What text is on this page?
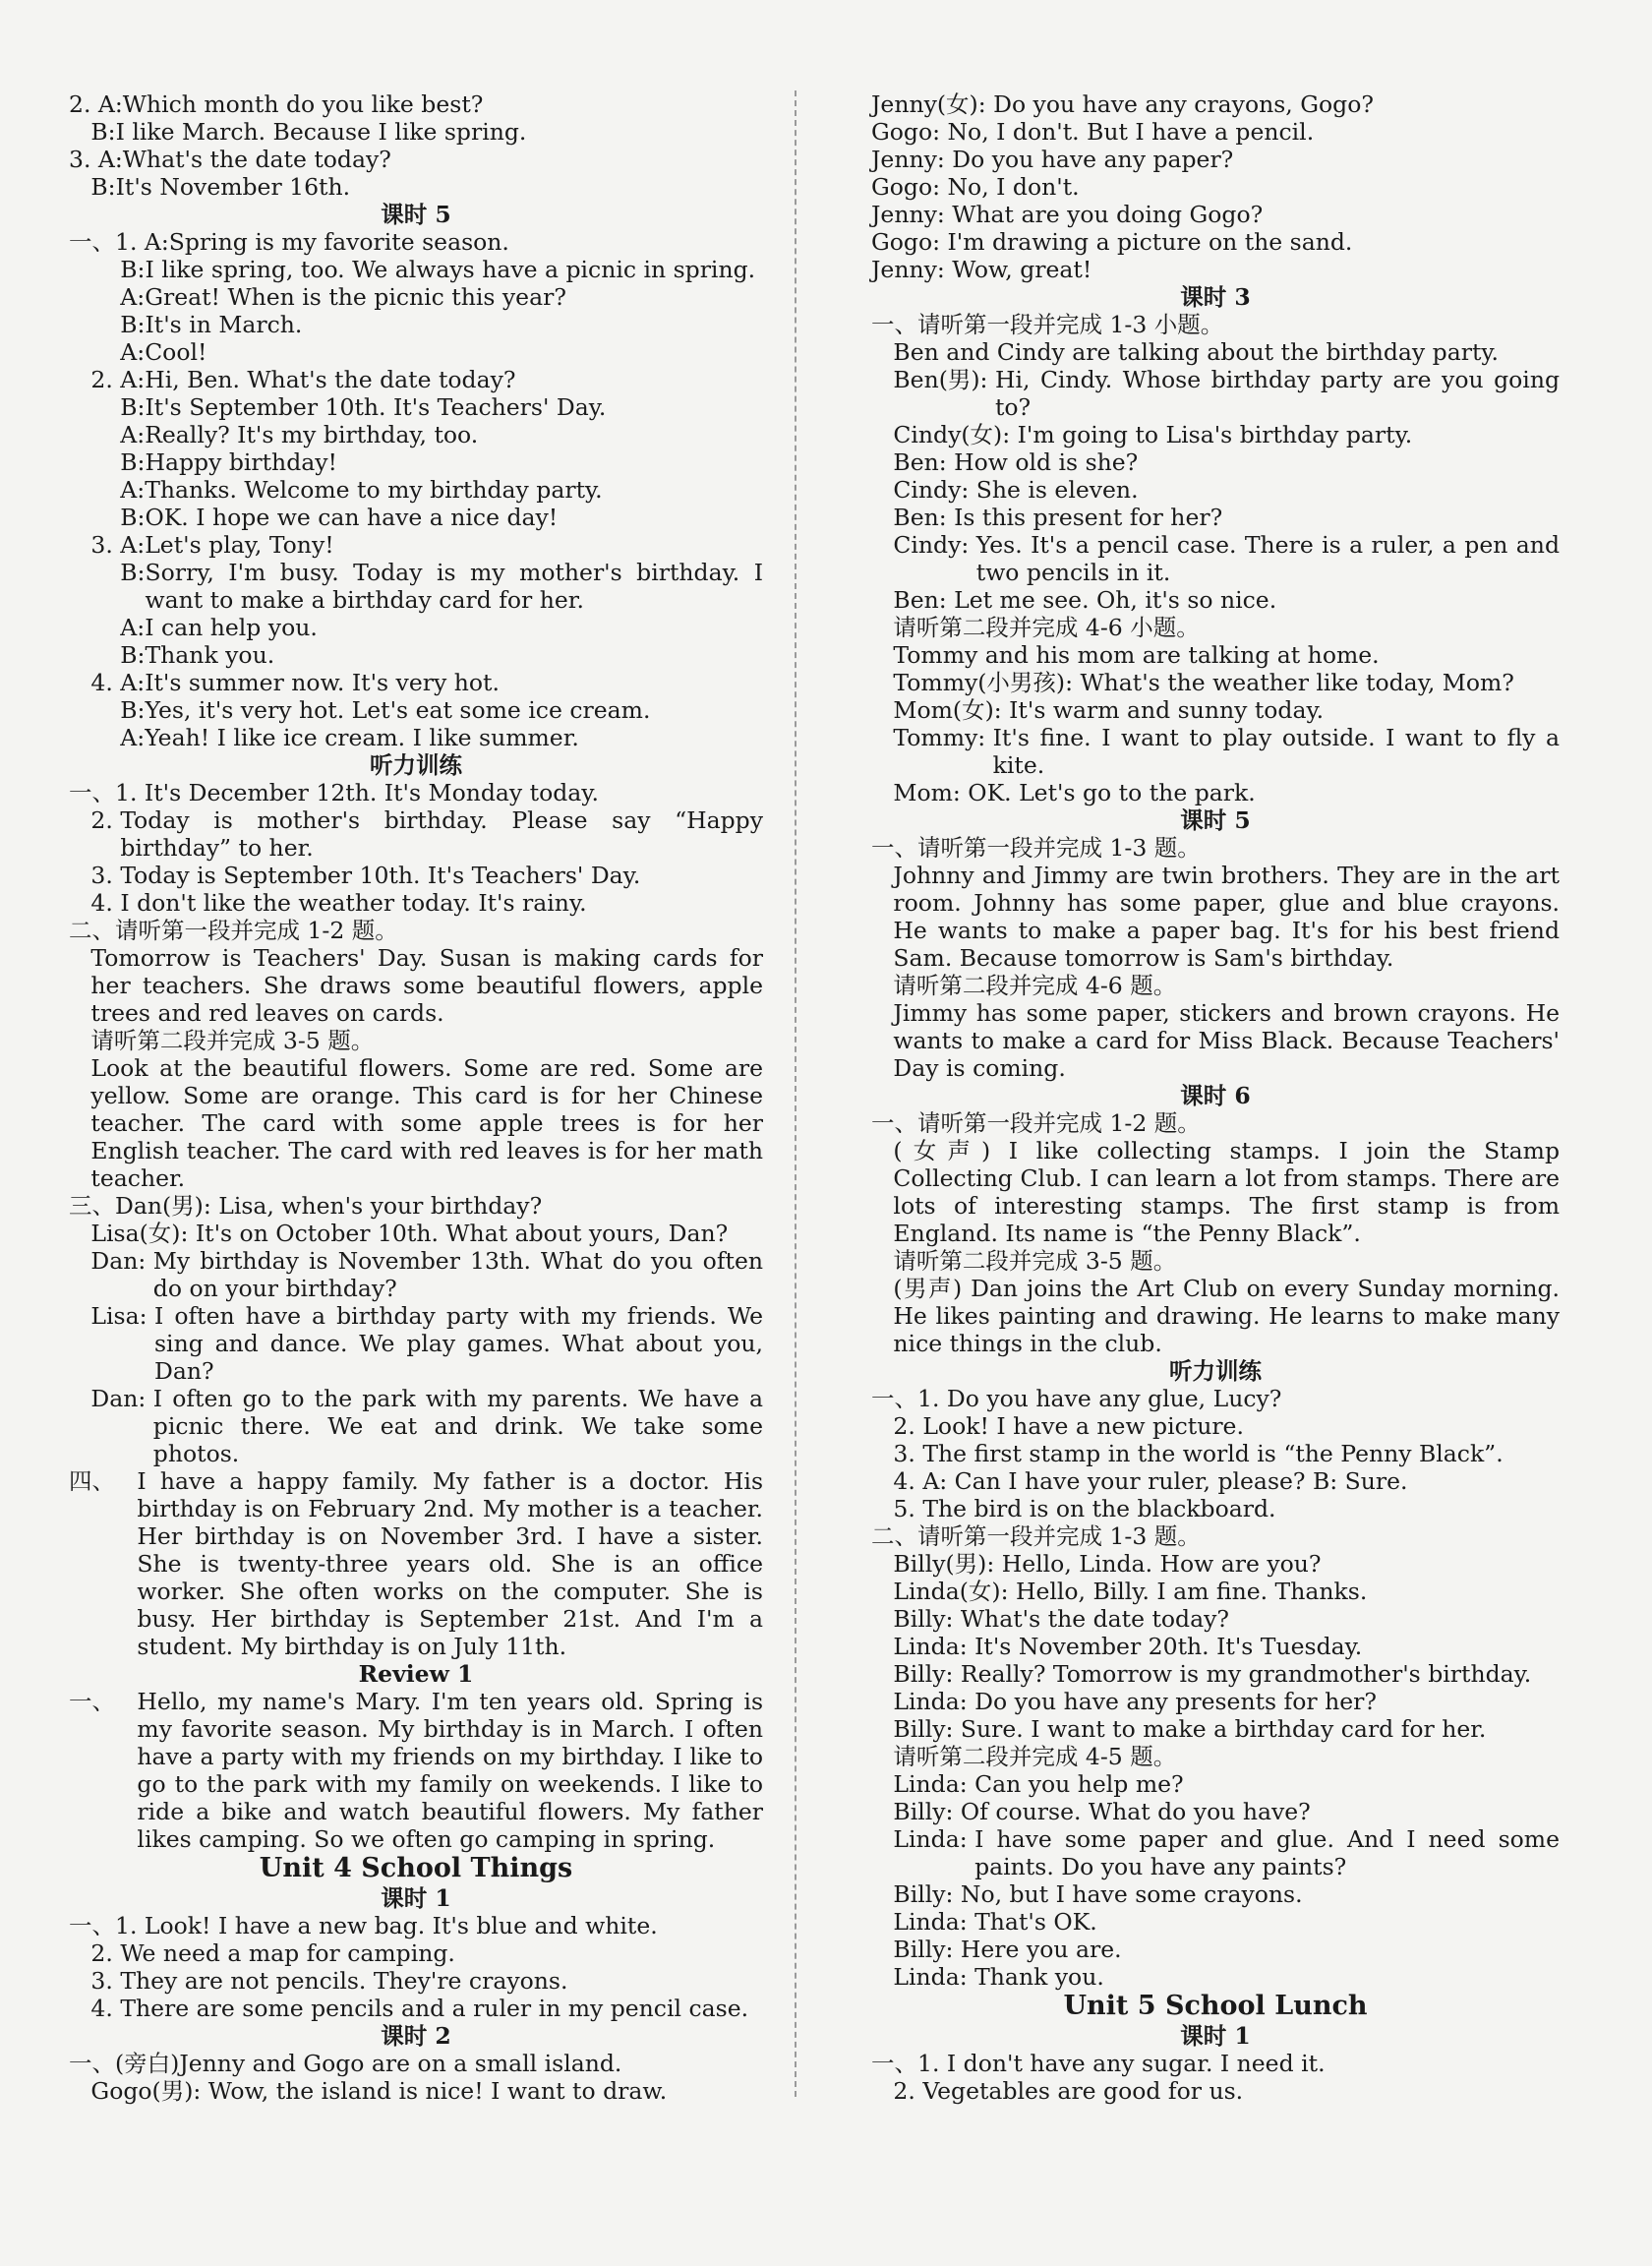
2. A: Which month do you like best?
B: I like March. Because I like spring.
3. A: What's the date today?
B: It's November 16th.
课时 5
一、1. A: Spring is my favorite season.
B: I like spring, too. We always have a picnic in spring.
A: Great! When is the picnic this year?
B: It's in March.
A: Cool!
2. A: Hi, Ben. What's the date today?
B: It's September 10th. It's Teachers' Day.
A: Really? It's my birthday, too.
B: Happy birthday!
A: Thanks. Welcome to my birthday party.
B: OK. I hope we can have a nice day!
3. A: Let's play, Tony!
B: Sorry, I'm busy. Today is my mother's birthday. I want to make a birthday card for her.
A: I can help you.
B: Thank you.
4. A: It's summer now. It's very hot.
B: Yes, it's very hot. Let's eat some ice cream.
A: Yeah! I like ice cream. I like summer.
听力训练
一、1. It's December 12th. It's Monday today.
2. Today is mother's birthday. Please say “Happy birthday” to her.
3. Today is September 10th. It's Teachers' Day.
4. I don't like the weather today. It's rainy.
二、 请听第一段并完成 1-2 题。

Tomorrow is Teachers' Day. Susan is making cards for her teachers. She draws some beautiful flowers, apple trees and red leaves on cards.

请听第二段并完成 3-5 题。

Look at the beautiful flowers. Some are red. Some are yellow. Some are orange. This card is for her Chinese teacher. The card with some apple trees is for her English teacher. The card with red leaves is for her math teacher.
三、 Dan(男): Lisa, when's your birthday?

Lisa(女): It's on October 10th. What about yours, Dan?
Dan: My birthday is November 13th. What do you often do on your birthday?
Lisa: I often have a birthday party with my friends. We sing and dance. We play games. What about you, Dan?
Dan: I often go to the park with my parents. We have a picnic there. We eat and drink. We take some photos.
四、 I have a happy family. My father is a doctor. His birthday is on February 2nd. My mother is a teacher. Her birthday is on November 3rd. I have a sister. She is twenty-three years old. She is an office worker. She often works on the computer. She is busy. Her birthday is September 21st. And I'm a student. My birthday is on July 11th.
Review 1
一、 Hello, my name's Mary. I'm ten years old. Spring is my favorite season. My birthday is in March. I often have a party with my friends on my birthday. I like to go to the park with my family on weekends. I like to ride a bike and watch beautiful flowers. My father likes camping. So we often go camping in spring.
Unit 4 School Things
课时 1
一、1. Look! I have a new bag. It's blue and white.
2. We need a map for camping.
3. They are not pencils. They're crayons.
4. There are some pencils and a ruler in my pencil case.
课时 2
一、 (旁白)Jenny and Gogo are on a small island.

Gogo(男): Wow, the island is nice! I want to draw.
Jenny(女): Do you have any crayons, Gogo?
Gogo: No, I don't. But I have a pencil.
Jenny: Do you have any paper?
Gogo: No, I don't.
Jenny: What are you doing Gogo?
Gogo: I'm drawing a picture on the sand.
Jenny: Wow, great!
课时 3
一、 请听第一段并完成 1-3 小题。

Ben and Cindy are talking about the birthday party.
Ben(男): Hi, Cindy. Whose birthday party are you going to?

Cindy(女): I'm going to Lisa's birthday party.

Ben: How old is she?

Cindy: She is eleven.

Ben: Is this present for her?
Cindy: Yes. It's a pencil case. There is a ruler, a pen and two pencils in it.

Ben: Let me see. Oh, it's so nice.

请听第二段并完成 4-6 小题。

Tommy and his mom are talking at home.

Tommy(小男孩): What's the weather like today, Mom?

Mom(女): It's warm and sunny today.
Tommy: It's fine. I want to play outside. I want to fly a kite.

Mom: OK. Let's go to the park.
课时 5
一、 请听第一段并完成 1-3 题。

Johnny and Jimmy are twin brothers. They are in the art room. Johnny has some paper, glue and blue crayons. He wants to make a paper bag. It's for his best friend Sam. Because tomorrow is Sam's birthday.

请听第二段并完成 4-6 题。

Jimmy has some paper, stickers and brown crayons. He wants to make a card for Miss Black. Because Teachers' Day is coming.
课时 6
一、 请听第一段并完成 1-2 题。

(女声) I like collecting stamps. I join the Stamp Collecting Club. I can learn a lot from stamps. There are lots of interesting stamps. The first stamp is from England. Its name is “the Penny Black”.

请听第二段并完成 3-5 题。

(男声) Dan joins the Art Club on every Sunday morning. He likes painting and drawing. He learns to make many nice things in the club.
听力训练
一、1. Do you have any glue, Lucy?
2. Look! I have a new picture.
3. The first stamp in the world is “the Penny Black”.
4. A: Can I have your ruler, please? B: Sure.
5. The bird is on the blackboard.
二、 请听第一段并完成 1-3 题。

Billy(男): Hello, Linda. How are you?

Linda(女): Hello, Billy. I am fine. Thanks.

Billy: What's the date today?

Linda: It's November 20th. It's Tuesday.

Billy: Really? Tomorrow is my grandmother's birthday.

Linda: Do you have any presents for her?

Billy: Sure. I want to make a birthday card for her.

请听第二段并完成 4-5 题。

Linda: Can you help me?

Billy: Of course. What do you have?
Linda: I have some paper and glue. And I need some paints. Do you have any paints?

Billy: No, but I have some crayons.

Linda: That's OK.

Billy: Here you are.

Linda: Thank you.
Unit 5 School Lunch
课时 1
一、1. I don't have any sugar. I need it.
2. Vegetables are good for us.
